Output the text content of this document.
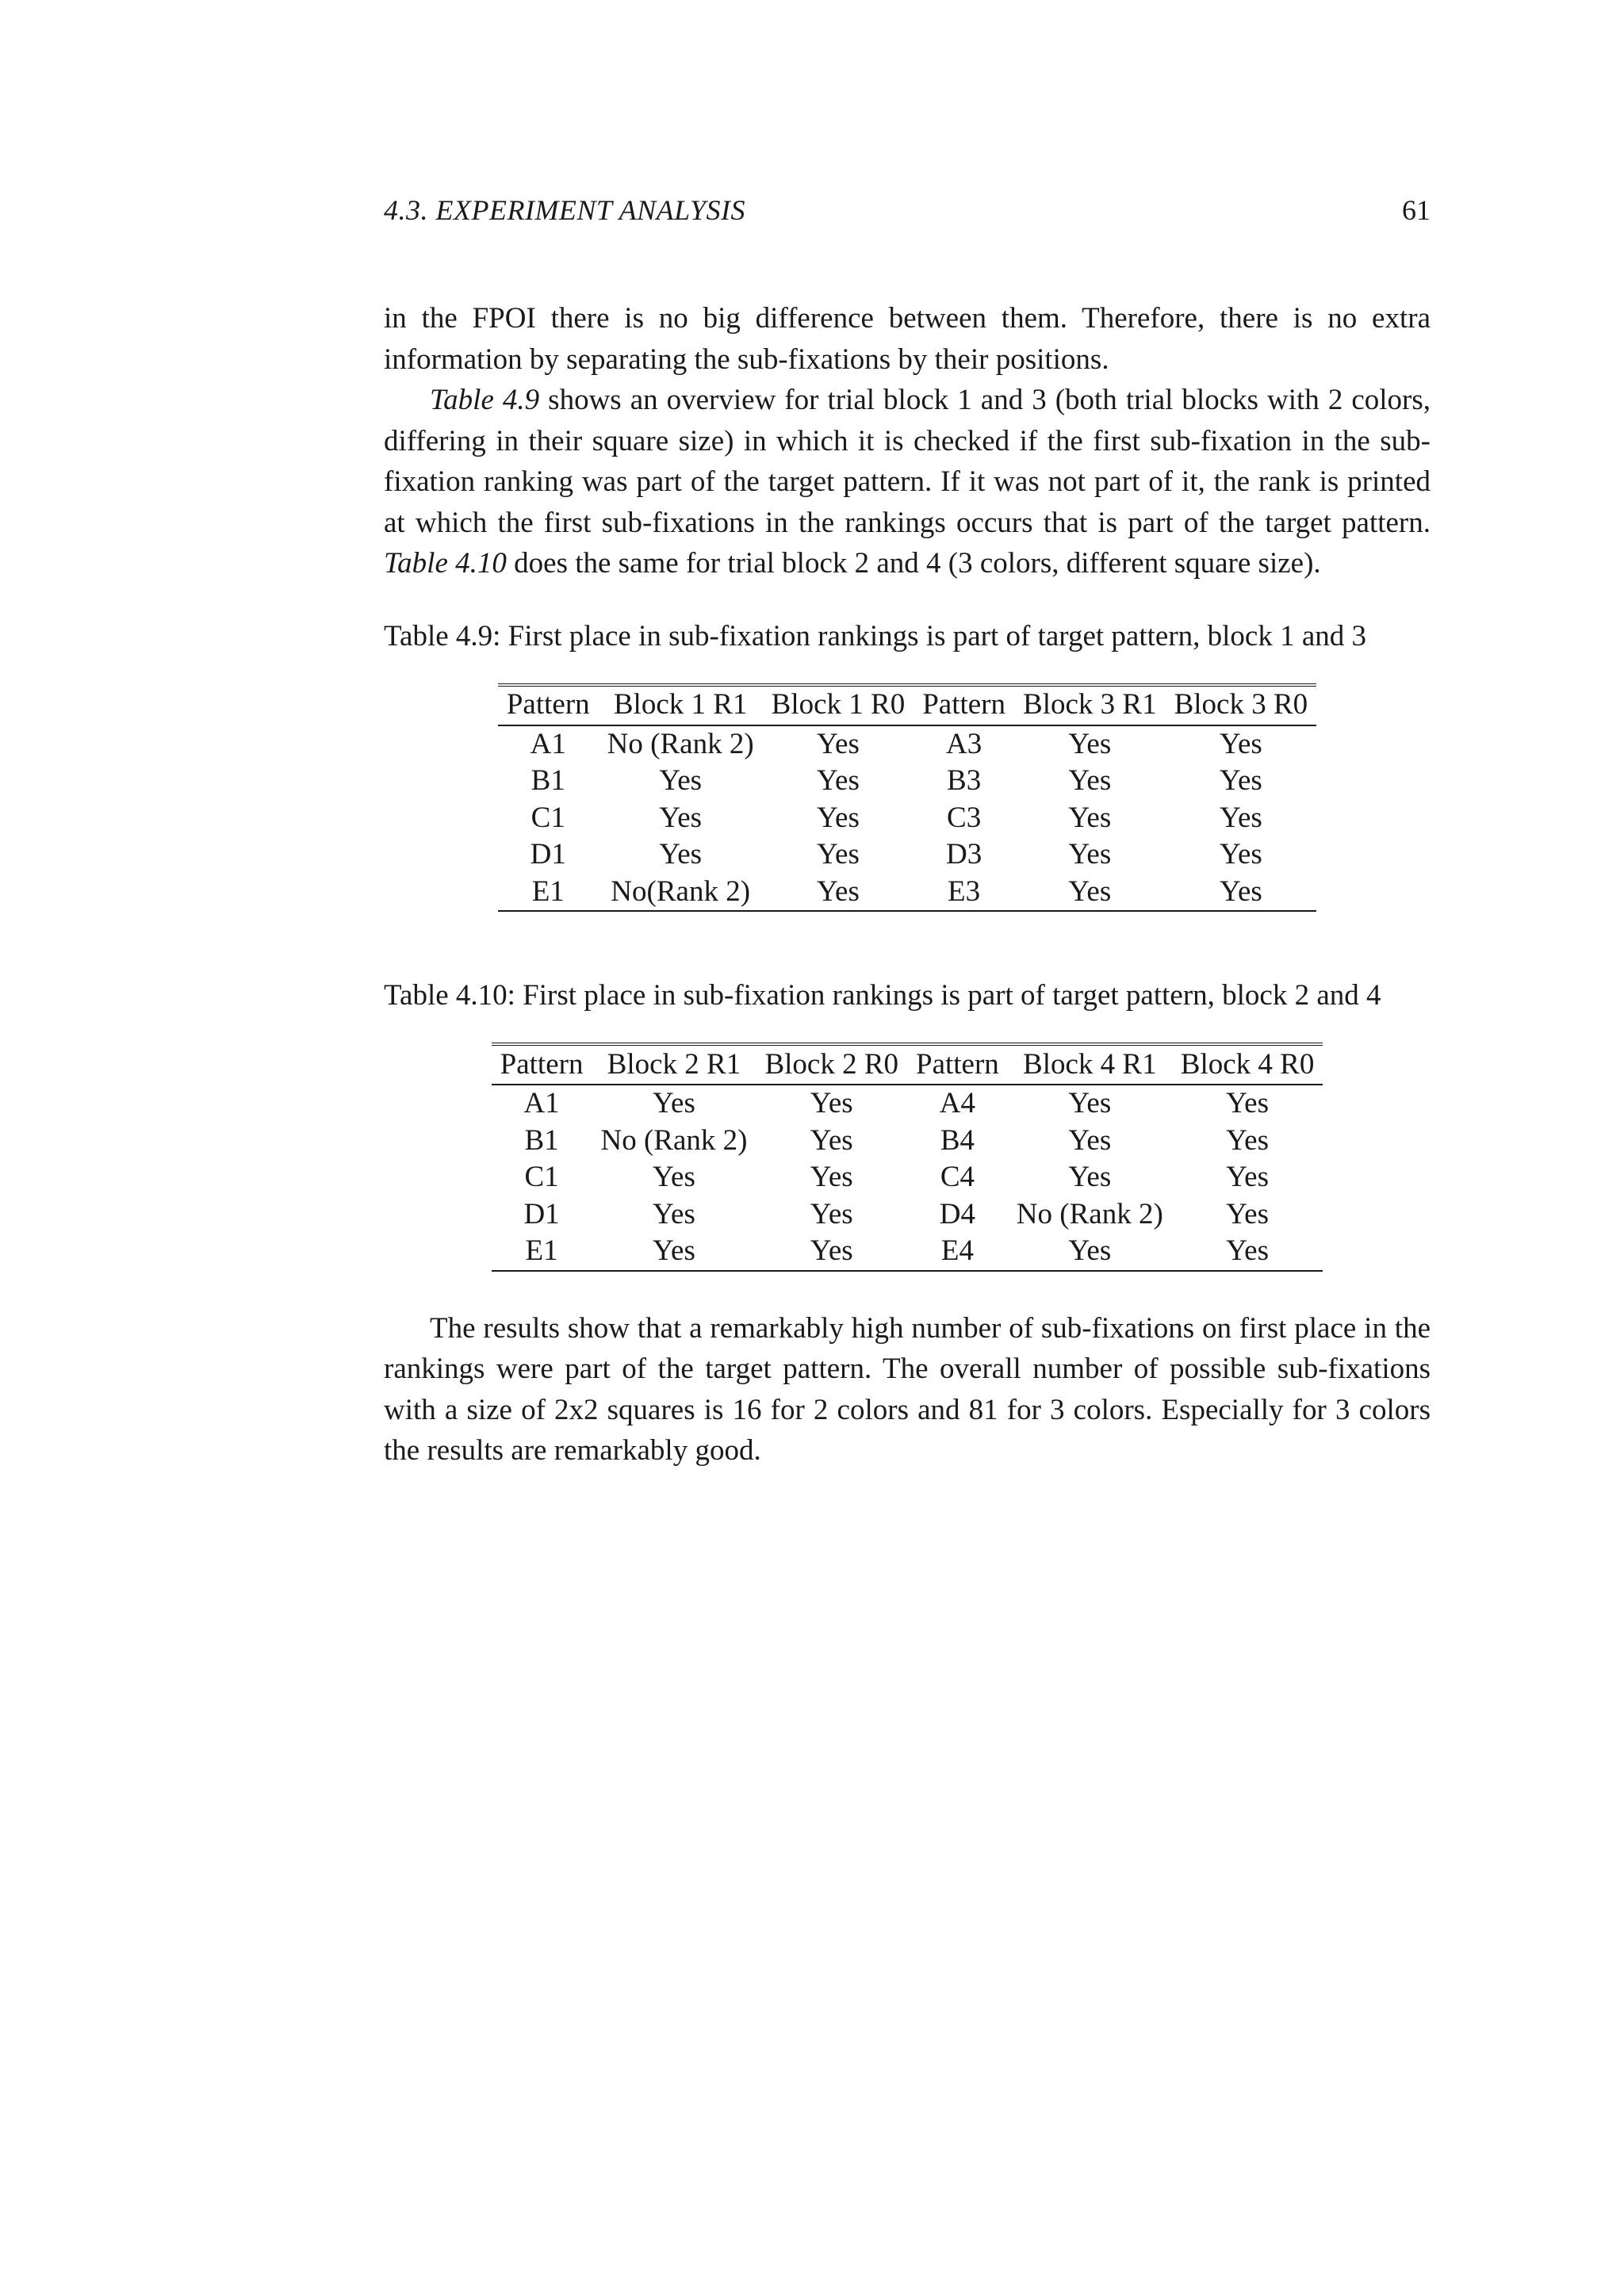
4.3. EXPERIMENT ANALYSIS	61

in the FPOI there is no big difference between them. Therefore, there is no extra information by separating the sub-fixations by their positions.

Table 4.9 shows an overview for trial block 1 and 3 (both trial blocks with 2 colors, differing in their square size) in which it is checked if the first sub-fixation in the sub-fixation ranking was part of the target pattern. If it was not part of it, the rank is printed at which the first sub-fixations in the rankings occurs that is part of the target pattern. Table 4.10 does the same for trial block 2 and 4 (3 colors, different square size).

Table 4.9: First place in sub-fixation rankings is part of target pattern, block 1 and 3

Pattern	Block 1 R1	Block 1 R0	Pattern	Block 3 R1	Block 3 R0
A1	No (Rank 2)	Yes	A3	Yes	Yes
B1	Yes	Yes	B3	Yes	Yes
C1	Yes	Yes	C3	Yes	Yes
D1	Yes	Yes	D3	Yes	Yes
E1	No(Rank 2)	Yes	E3	Yes	Yes

Table 4.10: First place in sub-fixation rankings is part of target pattern, block 2 and 4

Pattern	Block 2 R1	Block 2 R0	Pattern	Block 4 R1	Block 4 R0
A1	Yes	Yes	A4	Yes	Yes
B1	No (Rank 2)	Yes	B4	Yes	Yes
C1	Yes	Yes	C4	Yes	Yes
D1	Yes	Yes	D4	No (Rank 2)	Yes
E1	Yes	Yes	E4	Yes	Yes

The results show that a remarkably high number of sub-fixations on first place in the rankings were part of the target pattern. The overall number of possible sub-fixations with a size of 2x2 squares is 16 for 2 colors and 81 for 3 colors. Especially for 3 colors the results are remarkably good.
